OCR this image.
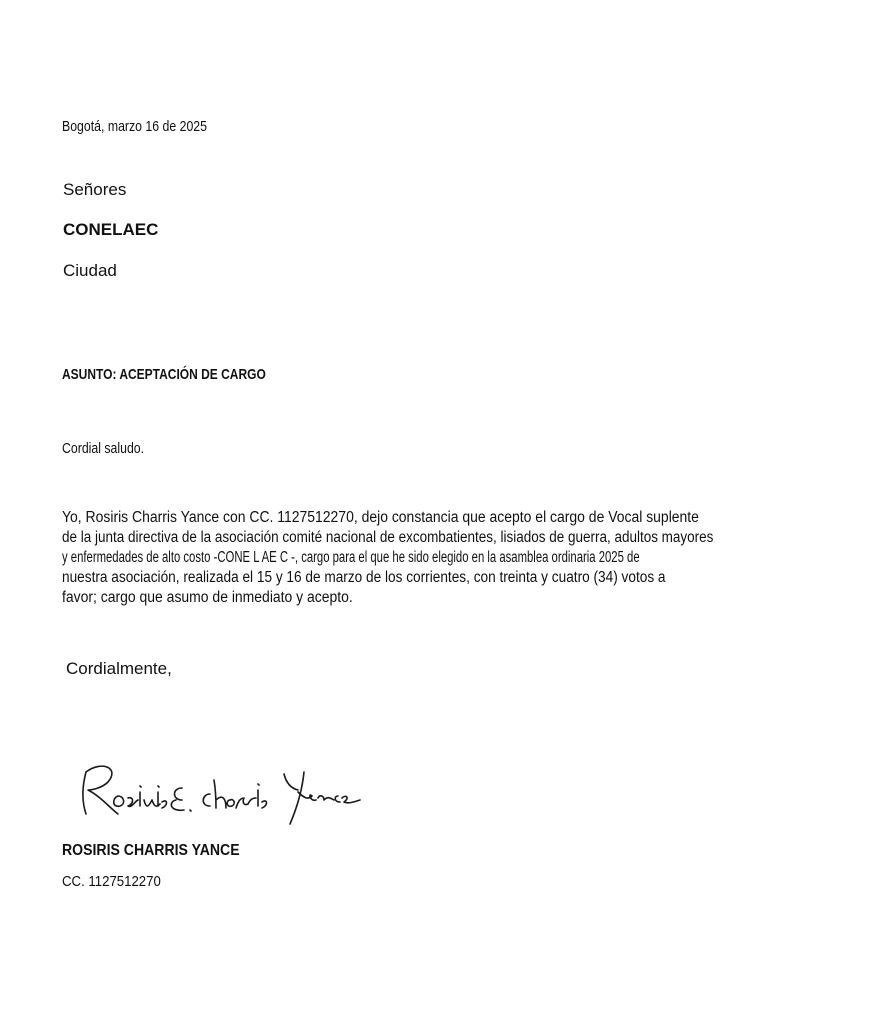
Bogotá, marzo 16 de 2025

Señores

CONELAEC

Ciudad

ASUNTO: ACEPTACIÓN DE CARGO

Cordial saludo.

Yo, Rosiris Charris Yance con CC. 1127512270, dejo constancia que acepto el cargo de Vocal suplente
de la junta directiva de la asociación comité nacional de excombatientes, lisiados de guerra, adultos mayores
y enfermedades de alto costo -CONE L AE C -, cargo para el que he sido elegido en la asamblea ordinaria 2025 de
nuestra asociación, realizada el 15 y 16 de marzo de los corrientes, con treinta y cuatro (34) votos a
favor; cargo que asumo de inmediato y acepto.

Cordialmente,

ROSIRIS CHARRIS YANCE

CC. 1127512270
